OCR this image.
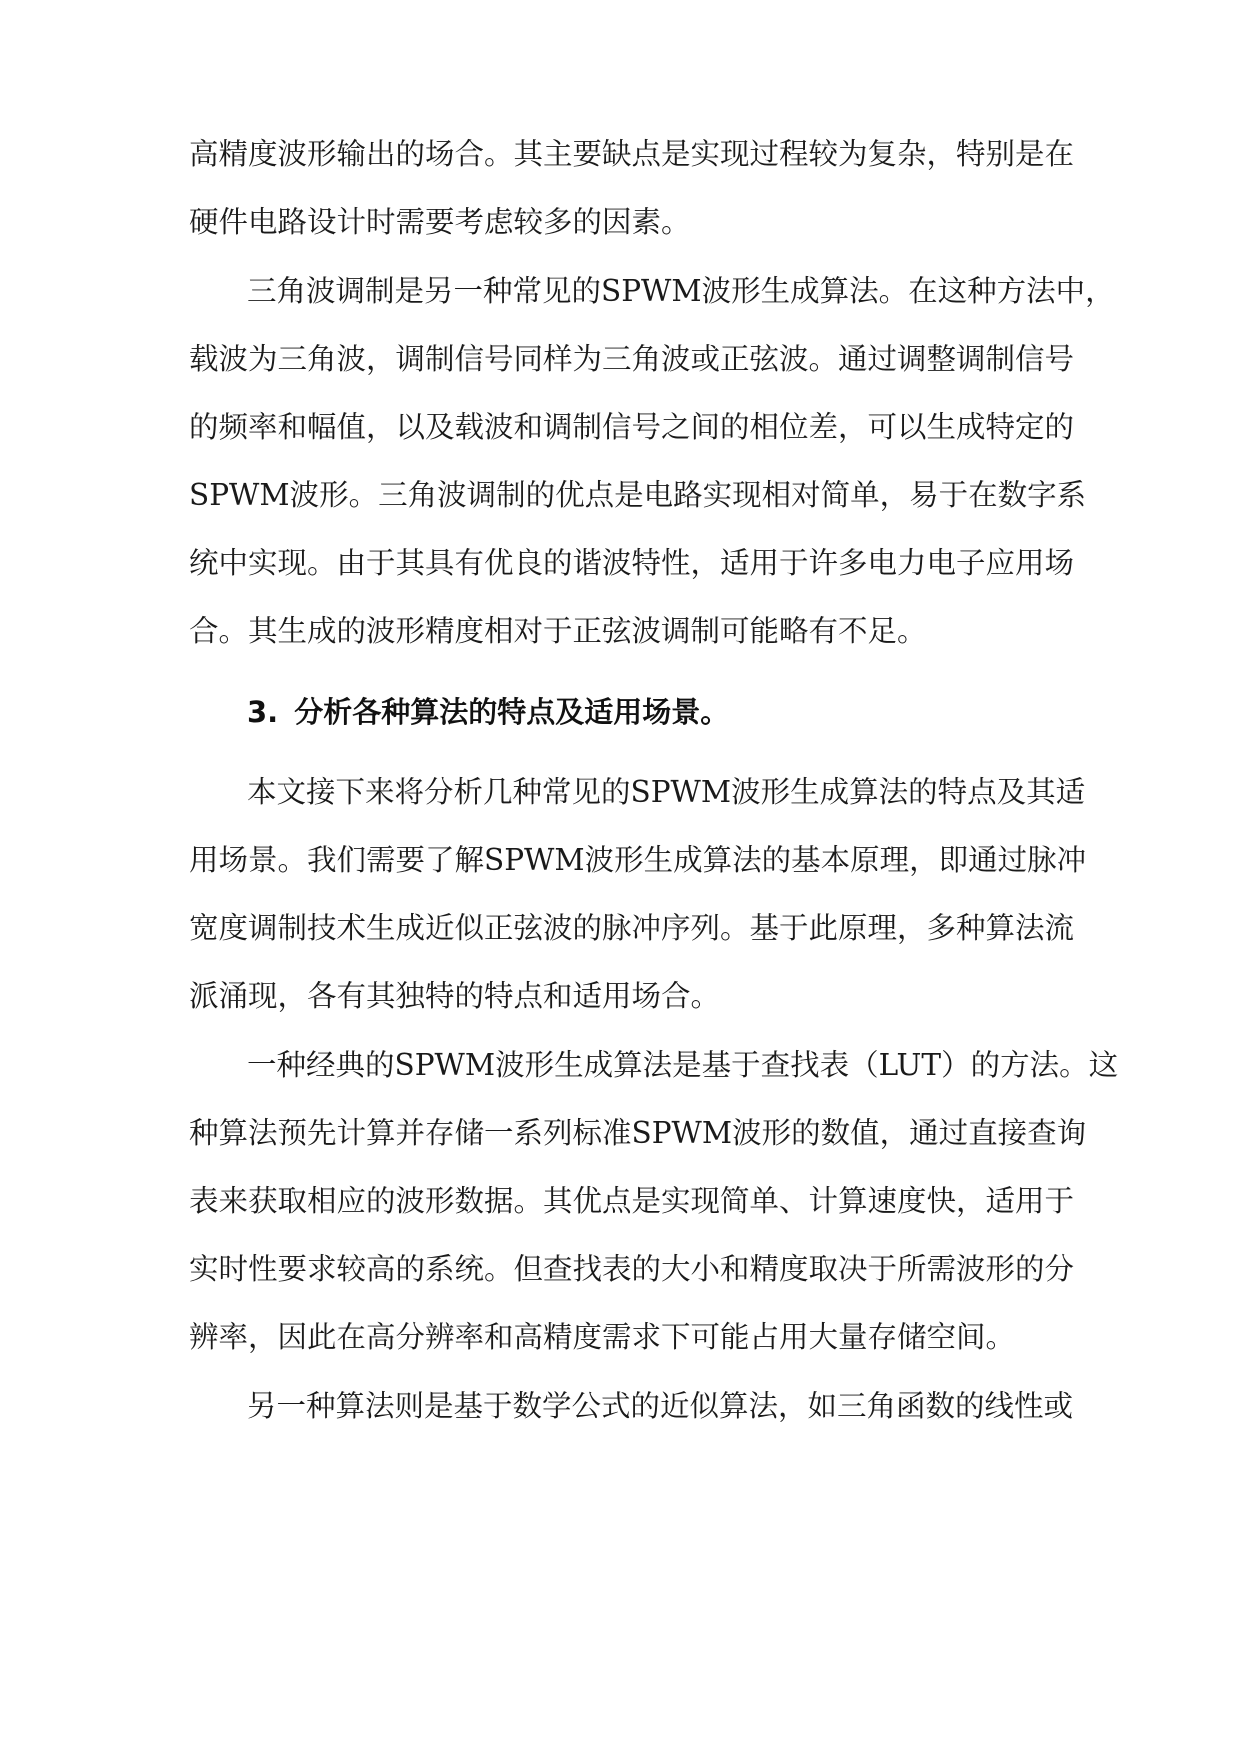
高精度波形输出的场合。其主要缺点是实现过程较为复杂，特别是在
硬件电路设计时需要考虑较多的因素。
三角波调制是另一种常见的SPWM波形生成算法。在这种方法中，
载波为三角波，调制信号同样为三角波或正弦波。通过调整调制信号
的频率和幅值，以及载波和调制信号之间的相位差，可以生成特定的
SPWM波形。三角波调制的优点是电路实现相对简单，易于在数字系
统中实现。由于其具有优良的谐波特性，适用于许多电力电子应用场
合。其生成的波形精度相对于正弦波调制可能略有不足。
3. 分析各种算法的特点及适用场景。
本文接下来将分析几种常见的SPWM波形生成算法的特点及其适
用场景。我们需要了解SPWM波形生成算法的基本原理，即通过脉冲
宽度调制技术生成近似正弦波的脉冲序列。基于此原理，多种算法流
派涌现，各有其独特的特点和适用场合。
一种经典的SPWM波形生成算法是基于查找表（LUT）的方法。这
种算法预先计算并存储一系列标准SPWM波形的数值，通过直接查询
表来获取相应的波形数据。其优点是实现简单、计算速度快，适用于
实时性要求较高的系统。但查找表的大小和精度取决于所需波形的分
辨率，因此在高分辨率和高精度需求下可能占用大量存储空间。
另一种算法则是基于数学公式的近似算法，如三角函数的线性或
